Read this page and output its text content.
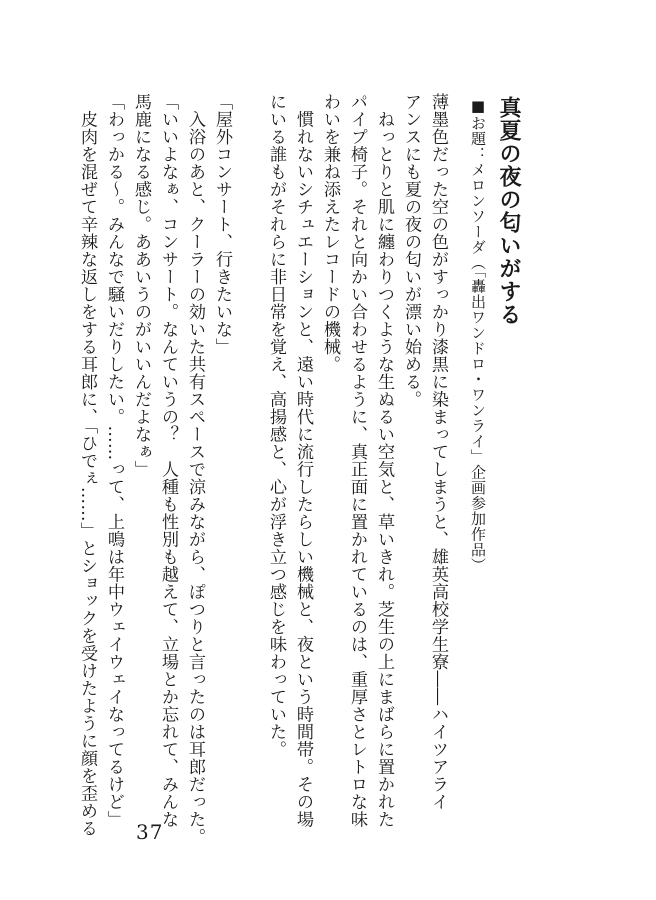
真夏の夜の匂いがする
■お題：メロンソーダ（「轟出ワンドロ・ワンライ」企画参加作品）
薄墨色だった空の色がすっかり漆黒に染まってしまうと、雄英高校学生寮――ハイツアライ
アンスにも夏の夜の匂いが漂い始める。
　ねっとりと肌に纏わりつくような生ぬるい空気と、草いきれ。芝生の上にまばらに置かれた
パイプ椅子。それと向かい合わせるように、真正面に置かれているのは、重厚さとレトロな味
わいを兼ね添えたレコードの機械。
　慣れないシチュエーションと、遠い時代に流行したらしい機械と、夜という時間帯。その場
にいる誰もがそれらに非日常を覚え、高揚感と、心が浮き立つ感じを味わっていた。
「屋外コンサート、行きたいな」
　入浴のあと、クーラーの効いた共有スペースで涼みながら、ぽつりと言ったのは耳郎だった。
「いいよなぁ、コンサート。なんていうの？　人種も性別も越えて、立場とか忘れて、みんな
馬鹿になる感じ。ああいうのがいいんだよなぁ」
「わっかる〜。みんなで騒いだりしたい。……って、上鳴は年中ウェイウェイなってるけど」
　皮肉を混ぜて辛辣な返しをする耳郎に、「ひでぇ……」とショックを受けたように顔を歪める 37
